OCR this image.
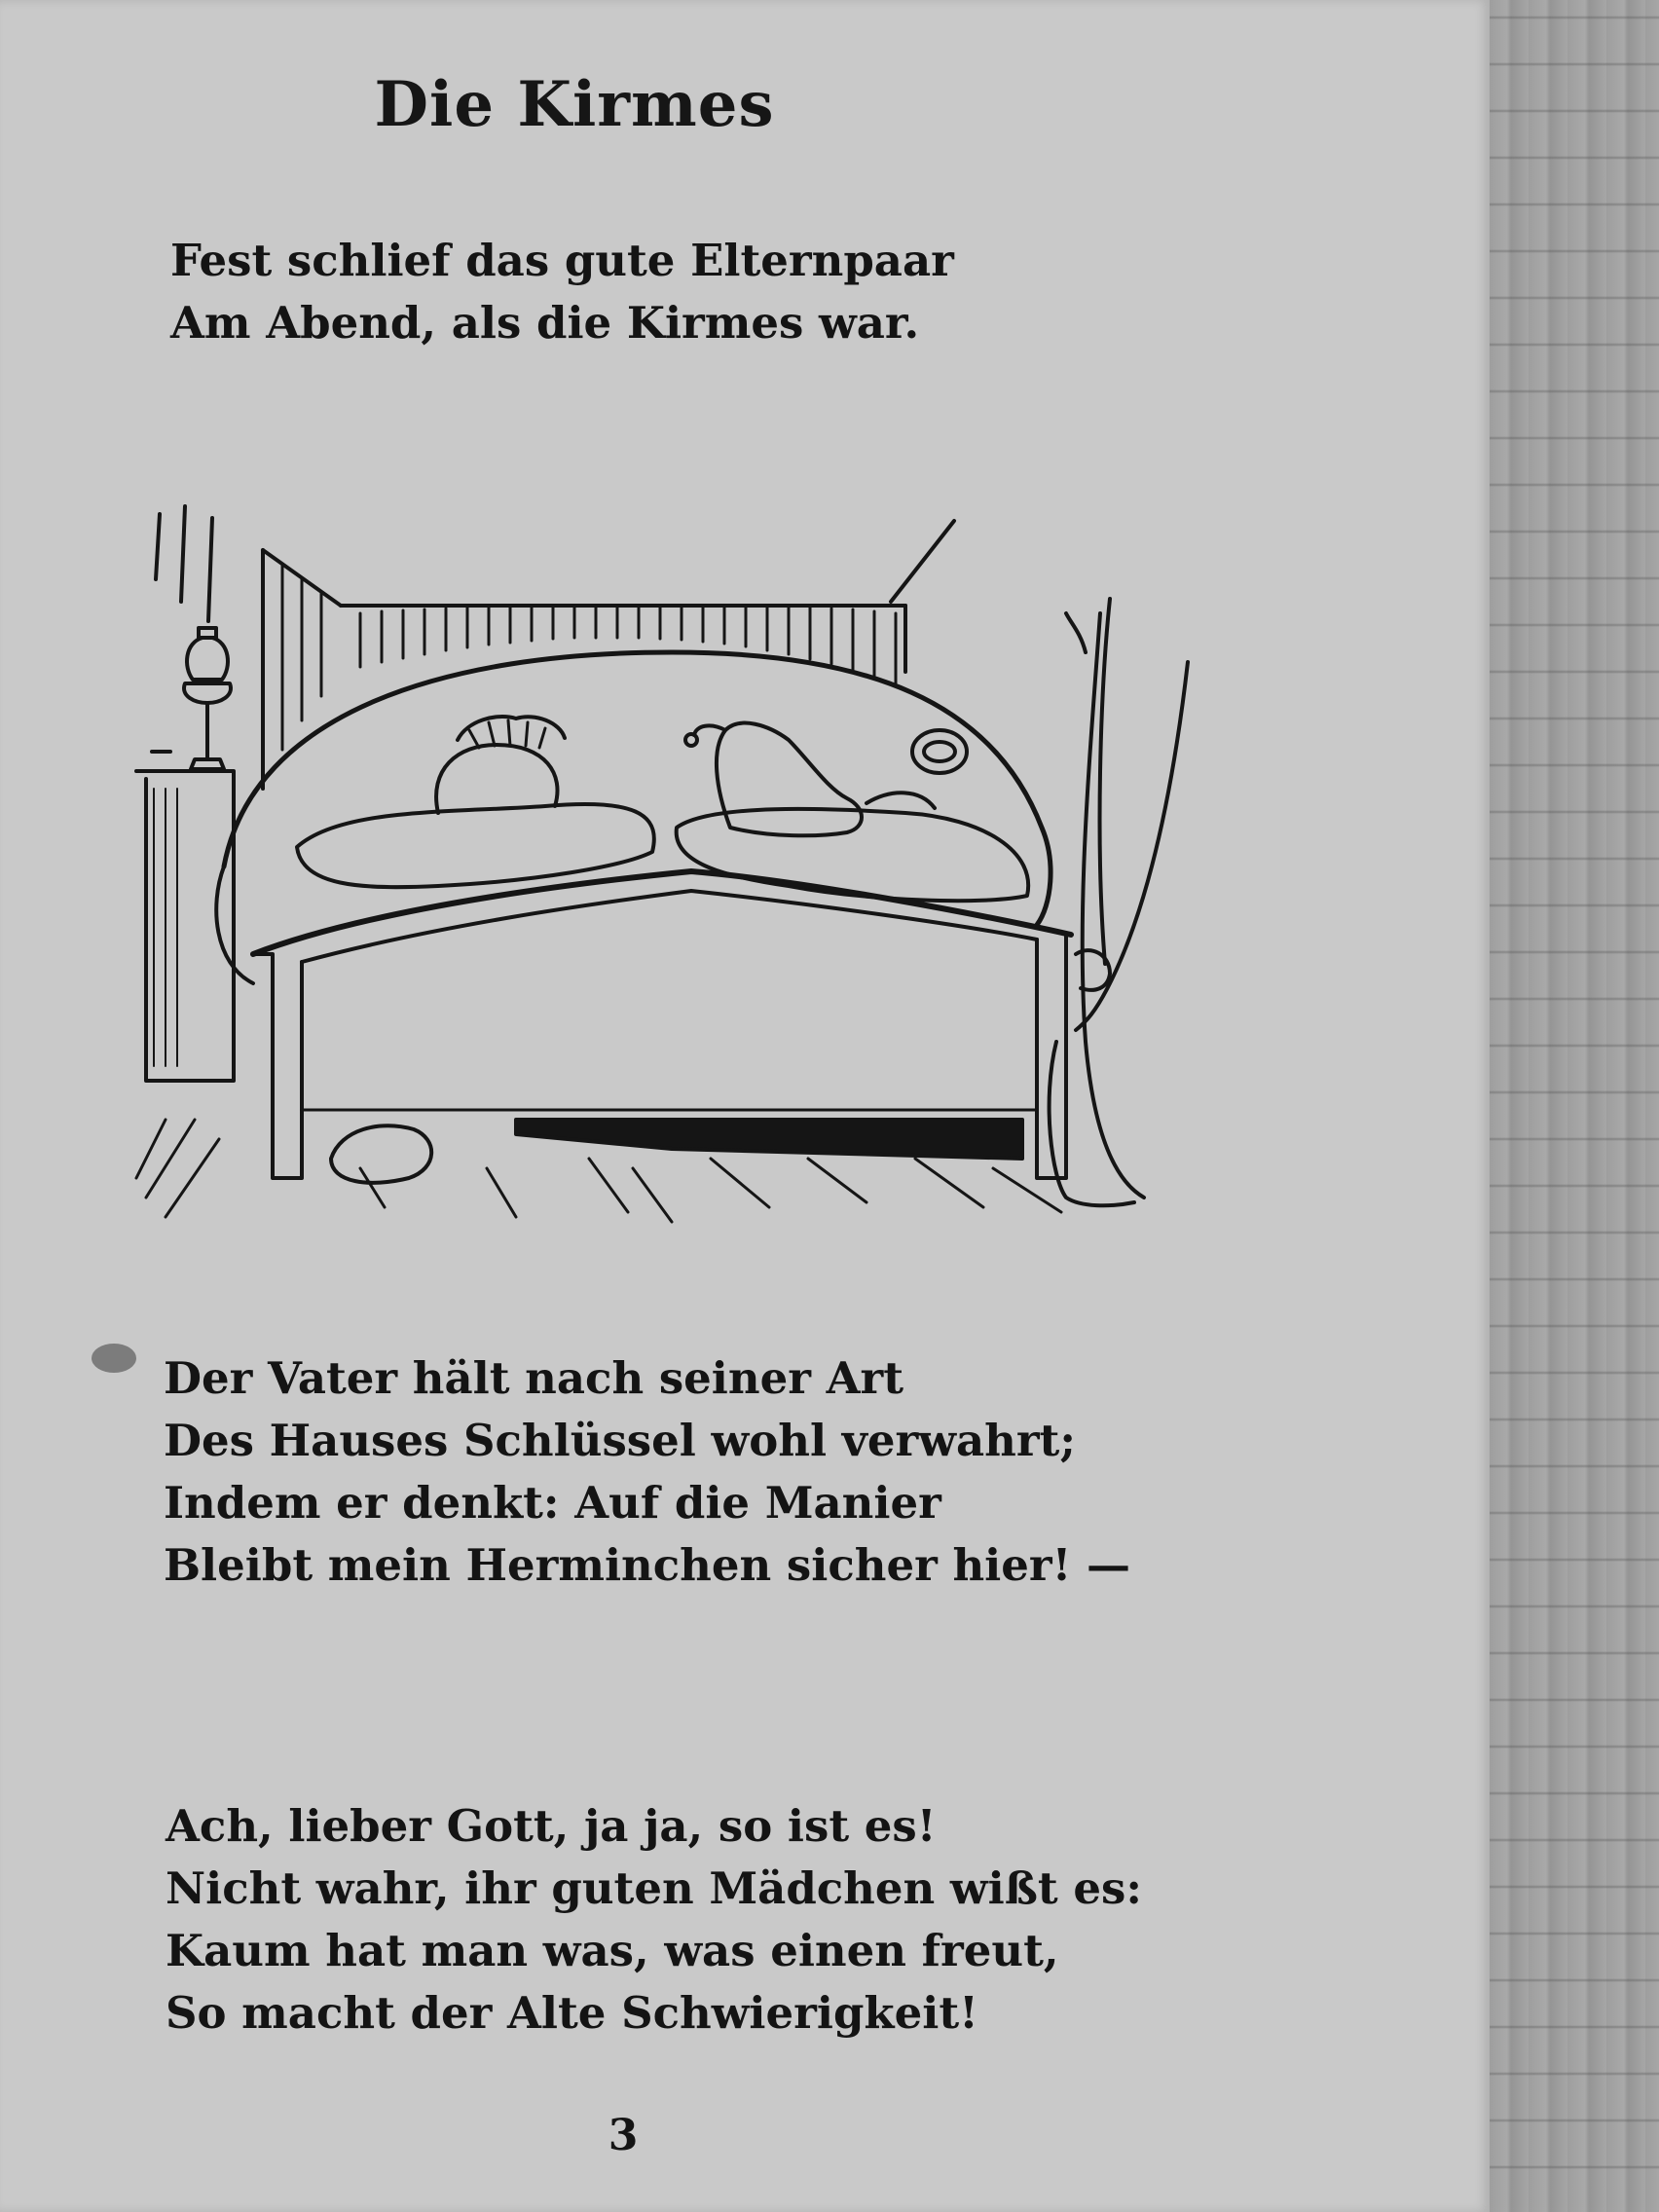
Die Kirmes
Fest schlief das gute Elternpaar
Am Abend, als die Kirmes war.
Der Vater hält nach seiner Art
Des Hauses Schlüssel wohl verwahrt;
Indem er denkt: Auf die Manier
Bleibt mein Herminchen sicher hier! —
Ach, lieber Gott, ja ja, so ist es!
Nicht wahr, ihr guten Mädchen wißt es:
Kaum hat man was, was einen freut,
So macht der Alte Schwierigkeit!
3
